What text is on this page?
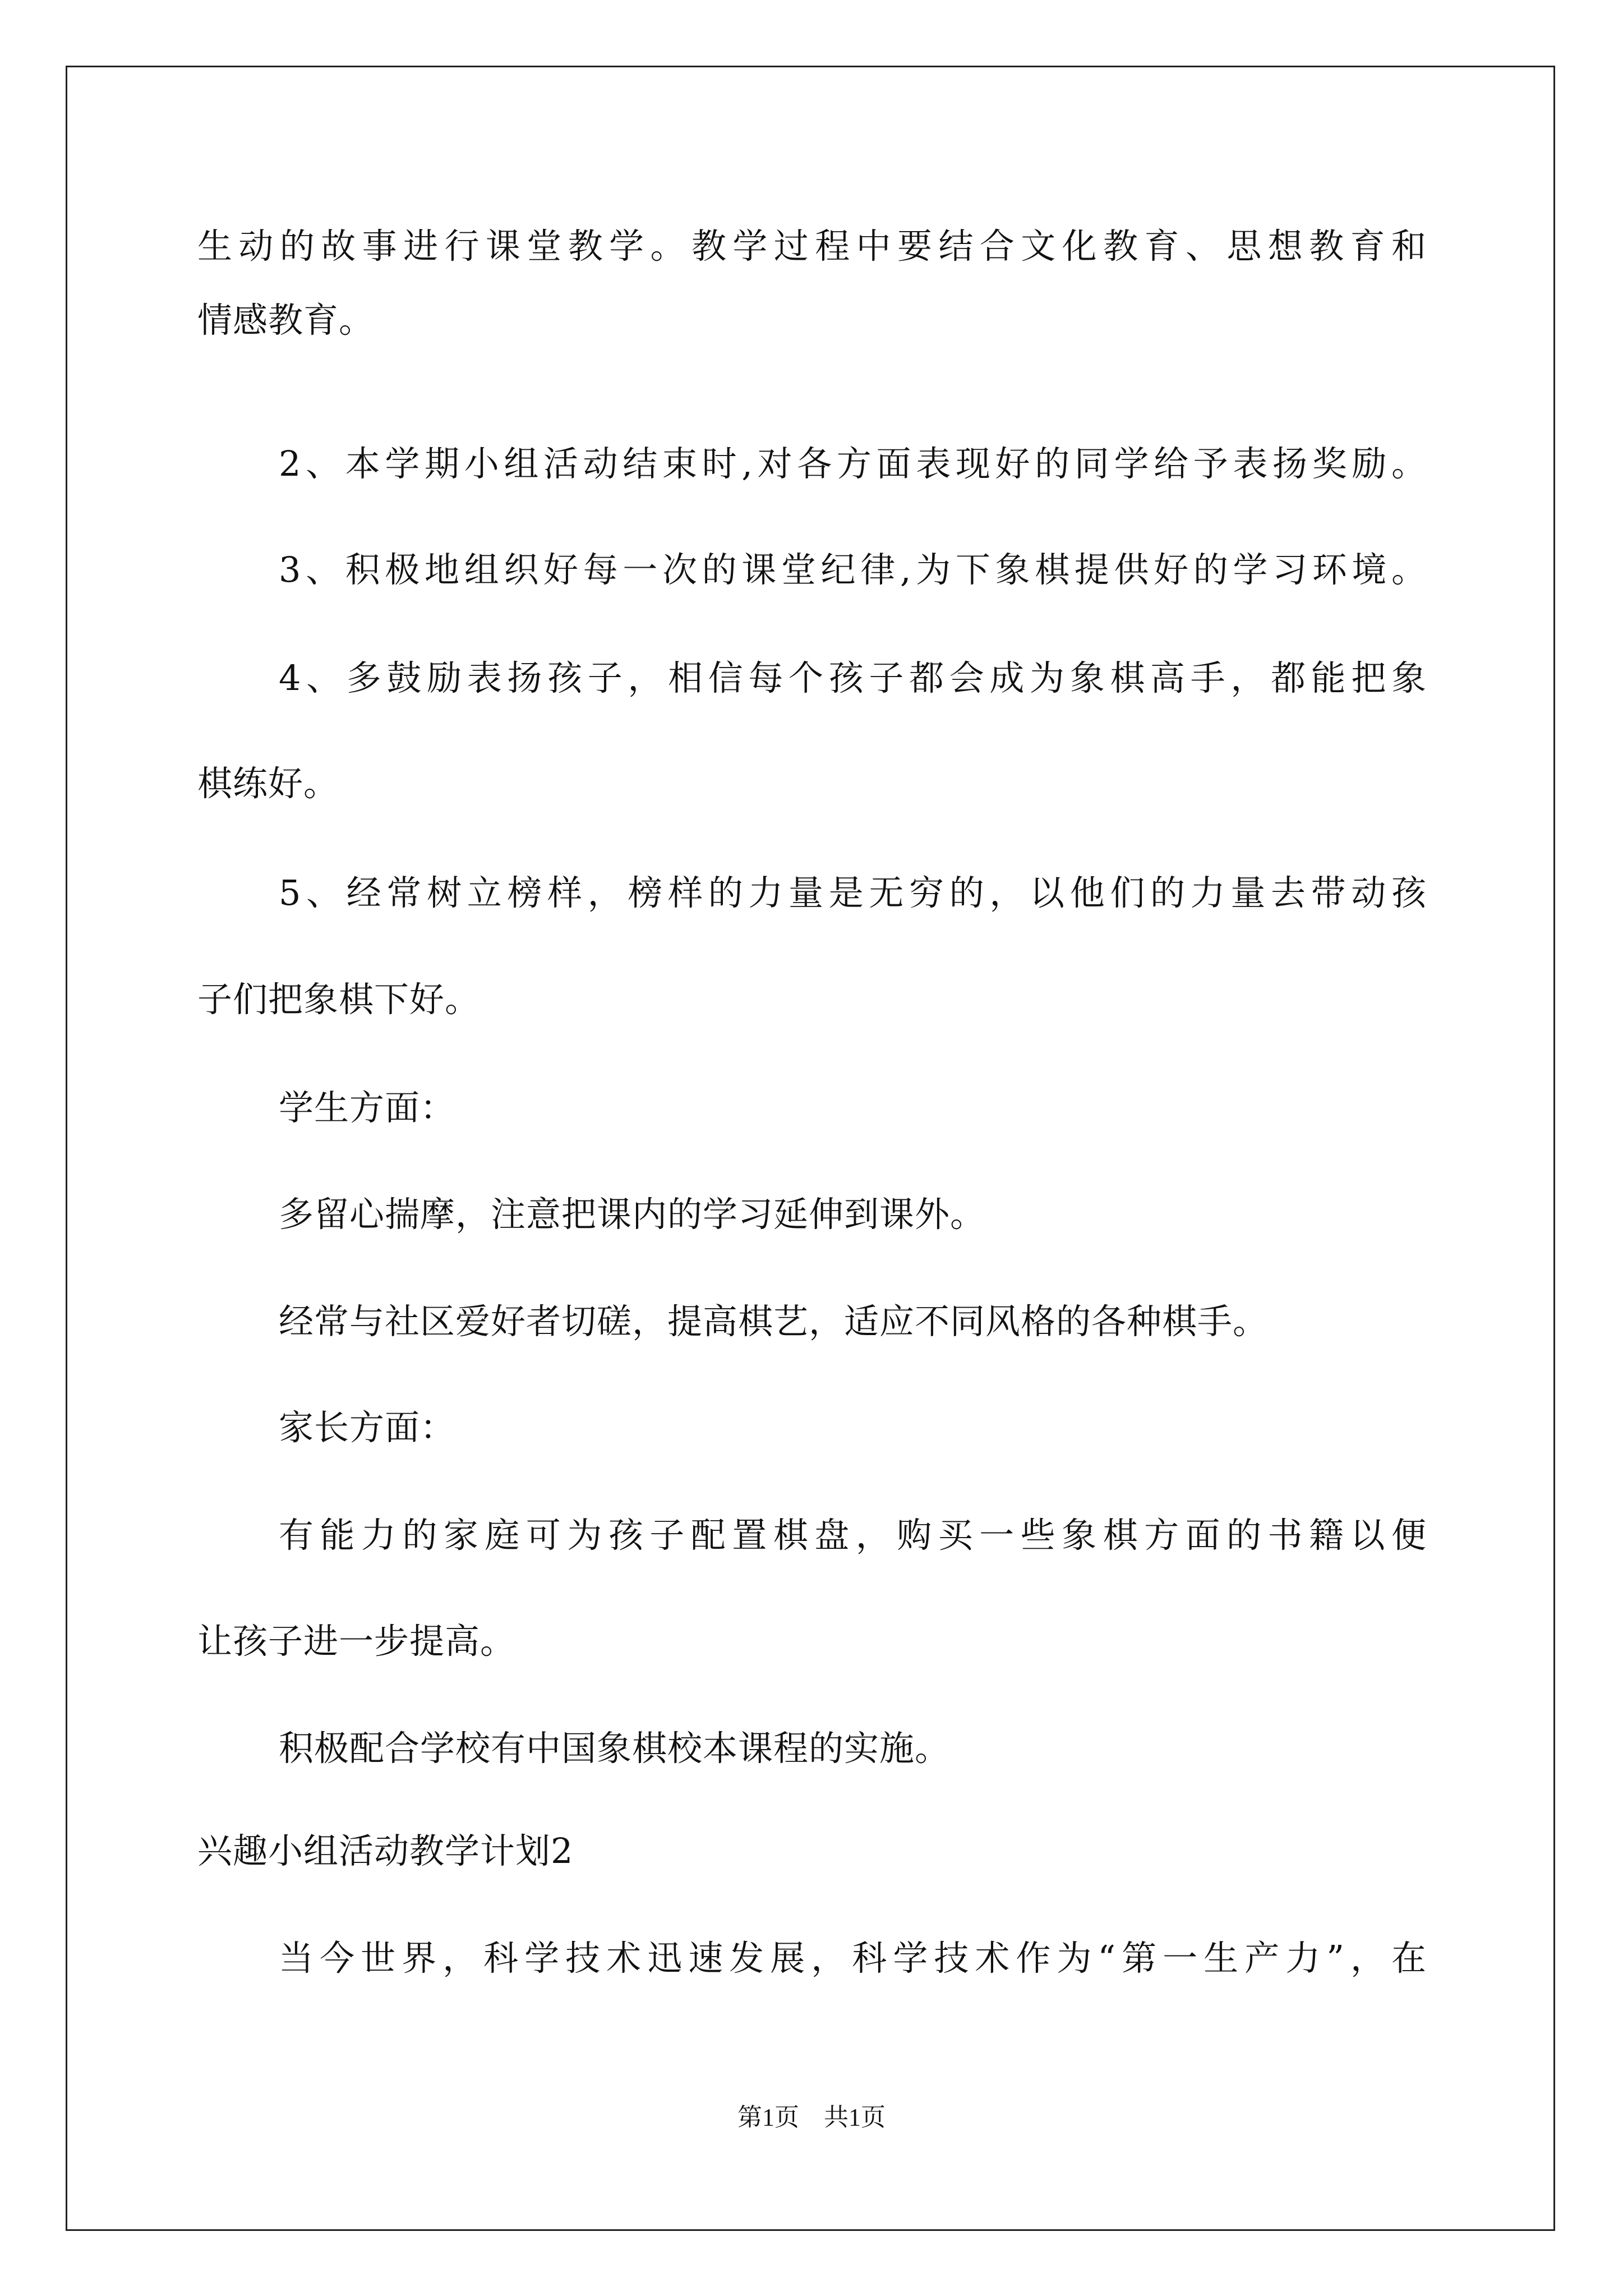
生动的故事进行课堂教学。教学过程中要结合文化教育、思想教育和
情感教育。
2、本学期小组活动结束时,对各方面表现好的同学给予表扬奖励。
3、积极地组织好每一次的课堂纪律,为下象棋提供好的学习环境。
4、多鼓励表扬孩子，相信每个孩子都会成为象棋高手，都能把象
棋练好。
5、经常树立榜样，榜样的力量是无穷的，以他们的力量去带动孩
子们把象棋下好。
学生方面：
多留心揣摩，注意把课内的学习延伸到课外。
经常与社区爱好者切磋，提高棋艺，适应不同风格的各种棋手。
家长方面：
有能力的家庭可为孩子配置棋盘，购买一些象棋方面的书籍以便
让孩子进一步提高。
积极配合学校有中国象棋校本课程的实施。
兴趣小组活动教学计划2
当今世界，科学技术迅速发展，科学技术作为“第一生产力”，在
第1页　共1页
